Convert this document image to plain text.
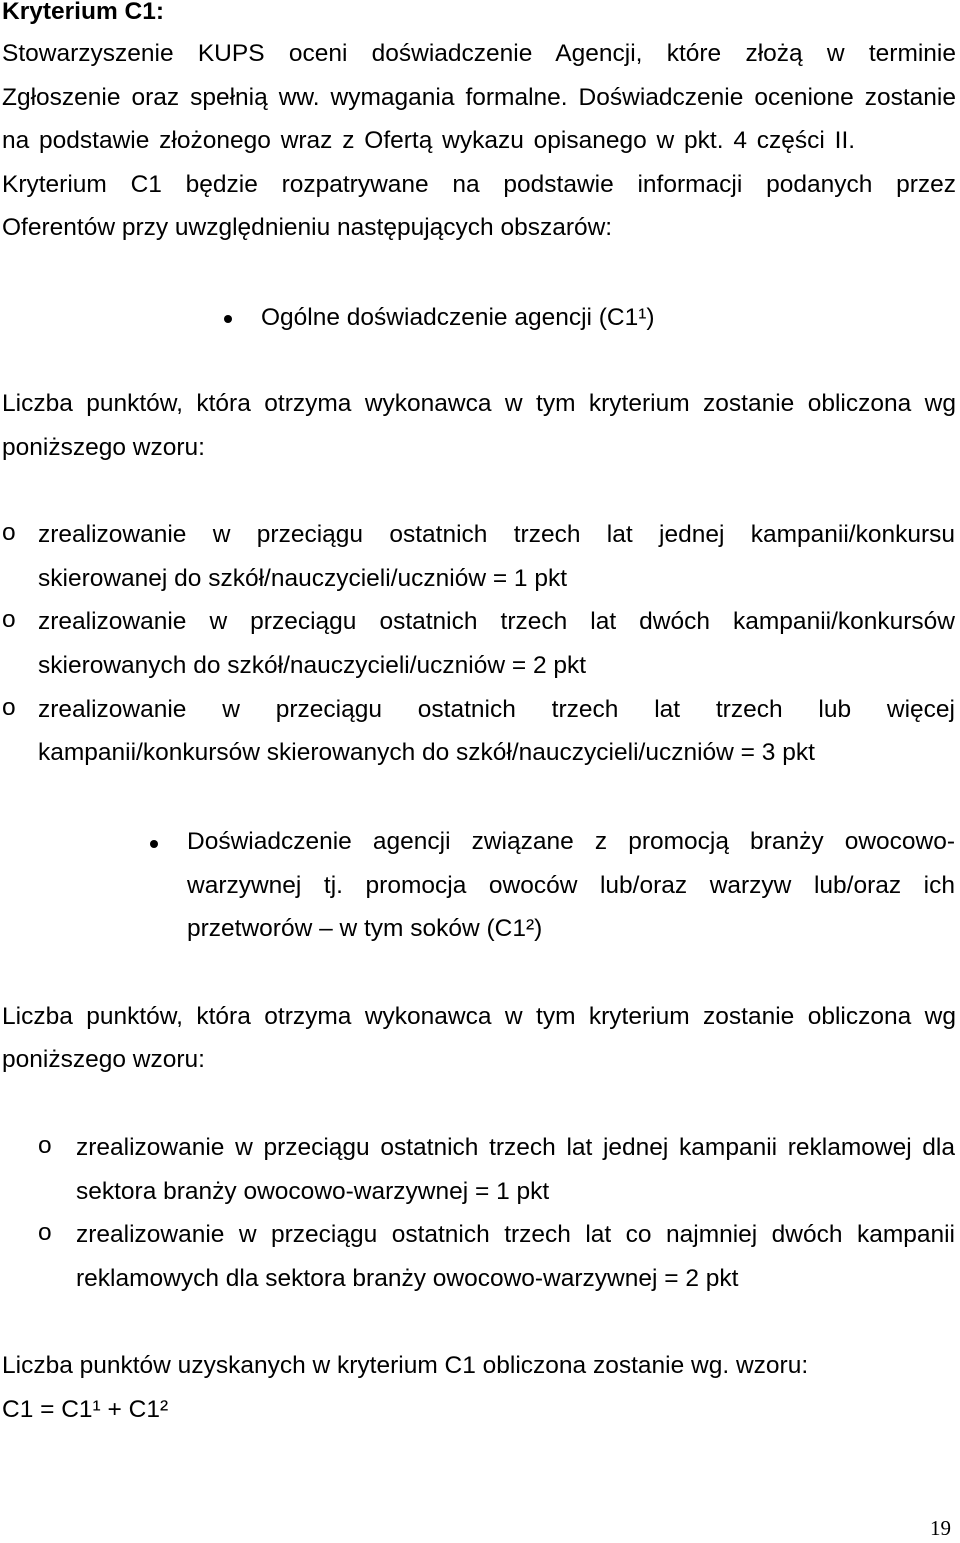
Kryterium C1:
Stowarzyszenie KUPS oceni doświadczenie Agencji, które złożą w terminie
Zgłoszenie oraz spełnią ww. wymagania formalne. Doświadczenie ocenione zostanie
na podstawie złożonego wraz z Ofertą wykazu opisanego w pkt. 4 części II.
Kryterium C1 będzie rozpatrywane na podstawie informacji podanych przez
Oferentów przy uwzględnieniu następujących obszarów:
Ogólne doświadczenie agencji (C1¹)
Liczba punktów, która otrzyma wykonawca w tym kryterium zostanie obliczona wg
poniższego wzoru:
o zrealizowanie w przeciągu ostatnich trzech lat jednej kampanii/konkursu
skierowanej do szkół/nauczycieli/uczniów = 1 pkt
o zrealizowanie w przeciągu ostatnich trzech lat dwóch kampanii/konkursów
skierowanych do szkół/nauczycieli/uczniów = 2 pkt
o zrealizowanie w przeciągu ostatnich trzech lat trzech lub więcej
kampanii/konkursów skierowanych do szkół/nauczycieli/uczniów = 3 pkt
Doświadczenie agencji związane z promocją branży owocowo-
warzywnej tj. promocja owoców lub/oraz warzyw lub/oraz ich
przetworów – w tym soków (C1²)
Liczba punktów, która otrzyma wykonawca w tym kryterium zostanie obliczona wg
poniższego wzoru:
o zrealizowanie w przeciągu ostatnich trzech lat jednej kampanii reklamowej dla
sektora branży owocowo-warzywnej = 1 pkt
o zrealizowanie w przeciągu ostatnich trzech lat co najmniej dwóch kampanii
reklamowych dla sektora branży owocowo-warzywnej = 2 pkt
Liczba punktów uzyskanych w kryterium C1 obliczona zostanie wg. wzoru:
C1 = C1¹ + C1²
19
